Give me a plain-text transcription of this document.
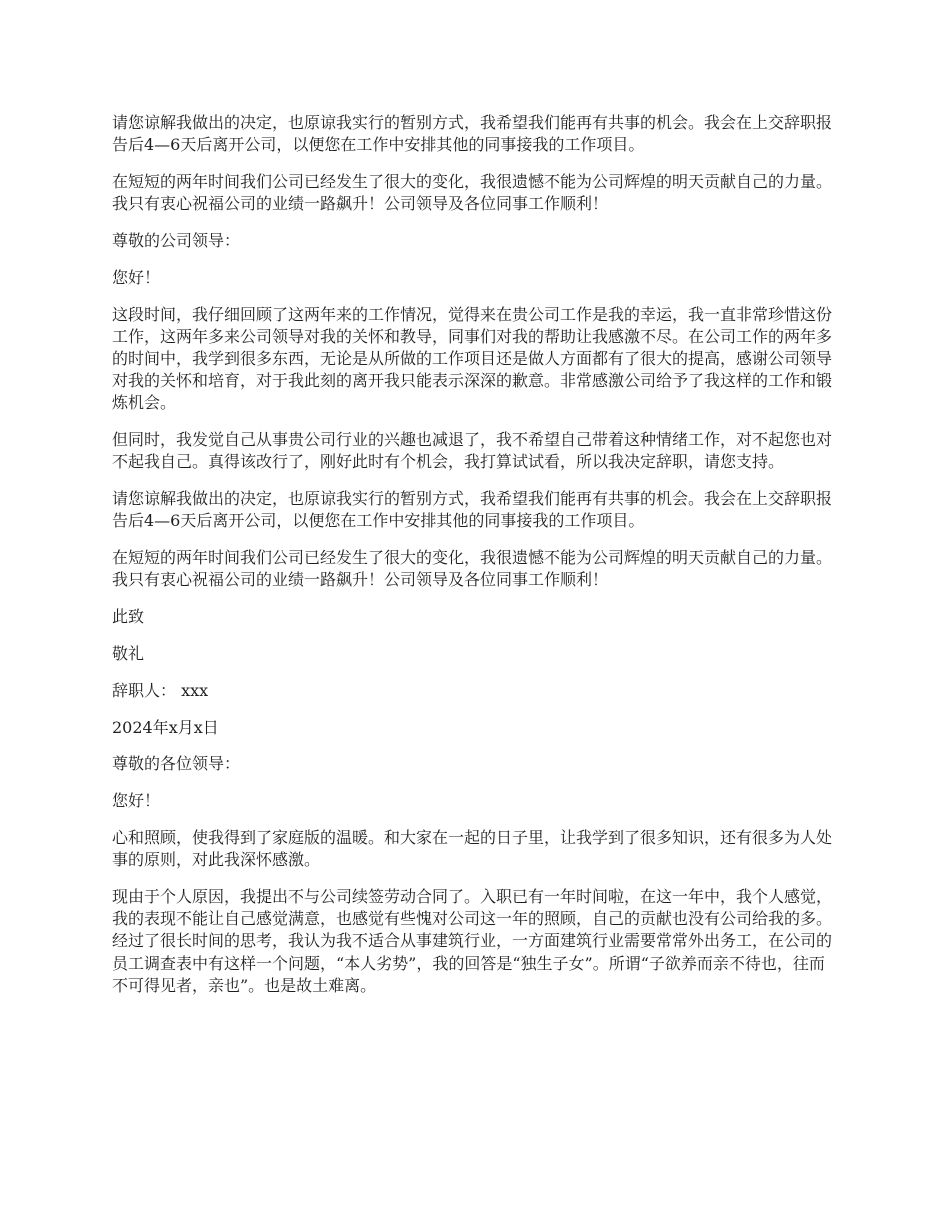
请您谅解我做出的决定，也原谅我实行的暂别方式，我希望我们能再有共事的机会。我会在上交辞职报告后4—6天后离开公司，以便您在工作中安排其他的同事接我的工作项目。

在短短的两年时间我们公司已经发生了很大的变化，我很遗憾不能为公司辉煌的明天贡献自己的力量。我只有衷心祝福公司的业绩一路飙升！公司领导及各位同事工作顺利！

尊敬的公司领导：

您好！

这段时间，我仔细回顾了这两年来的工作情况，觉得来在贵公司工作是我的幸运，我一直非常珍惜这份工作，这两年多来公司领导对我的关怀和教导，同事们对我的帮助让我感激不尽。在公司工作的两年多的时间中，我学到很多东西，无论是从所做的工作项目还是做人方面都有了很大的提高，感谢公司领导对我的关怀和培育，对于我此刻的离开我只能表示深深的歉意。非常感激公司给予了我这样的工作和锻炼机会。

但同时，我发觉自己从事贵公司行业的兴趣也减退了，我不希望自己带着这种情绪工作，对不起您也对不起我自己。真得该改行了，刚好此时有个机会，我打算试试看，所以我决定辞职，请您支持。

请您谅解我做出的决定，也原谅我实行的暂别方式，我希望我们能再有共事的机会。我会在上交辞职报告后4—6天后离开公司，以便您在工作中安排其他的同事接我的工作项目。

在短短的两年时间我们公司已经发生了很大的变化，我很遗憾不能为公司辉煌的明天贡献自己的力量。我只有衷心祝福公司的业绩一路飙升！公司领导及各位同事工作顺利！

此致

敬礼

辞职人： xxx

2024年x月x日

尊敬的各位领导：

您好！

心和照顾，使我得到了家庭版的温暖。和大家在一起的日子里，让我学到了很多知识，还有很多为人处事的原则，对此我深怀感激。

现由于个人原因，我提出不与公司续签劳动合同了。入职已有一年时间啦，在这一年中，我个人感觉，我的表现不能让自己感觉满意，也感觉有些愧对公司这一年的照顾，自己的贡献也没有公司给我的多。经过了很长时间的思考，我认为我不适合从事建筑行业，一方面建筑行业需要常常外出务工，在公司的员工调查表中有这样一个问题，“本人劣势”，我的回答是“独生子女”。所谓“子欲养而亲不待也，往而不可得见者，亲也”。也是故土难离。
